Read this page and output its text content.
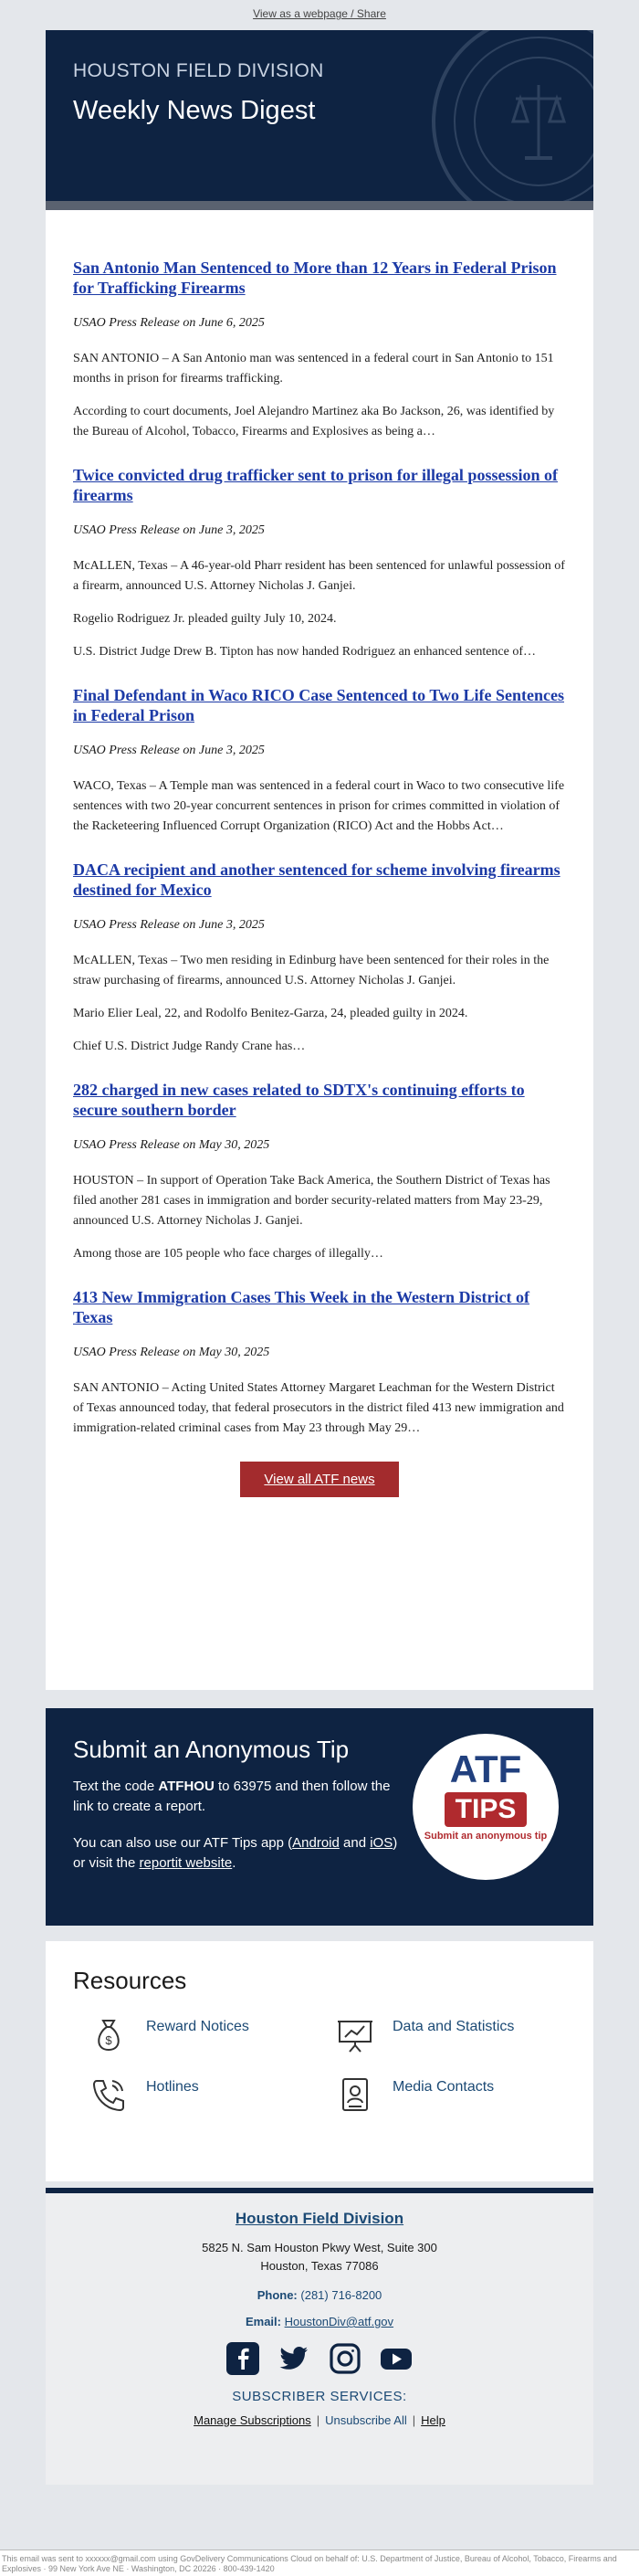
View as a webpage / Share
HOUSTON FIELD DIVISION
Weekly News Digest
San Antonio Man Sentenced to More than 12 Years in Federal Prison for Trafficking Firearms
USAO Press Release on June 6, 2025

SAN ANTONIO – A San Antonio man was sentenced in a federal court in San Antonio to 151 months in prison for firearms trafficking.

According to court documents, Joel Alejandro Martinez aka Bo Jackson, 26, was identified by the Bureau of Alcohol, Tobacco, Firearms and Explosives as being a…

Twice convicted drug trafficker sent to prison for illegal possession of firearms
USAO Press Release on June 3, 2025

McALLEN, Texas – A 46-year-old Pharr resident has been sentenced for unlawful possession of a firearm, announced U.S. Attorney Nicholas J. Ganjei.

Rogelio Rodriguez Jr. pleaded guilty July 10, 2024.

U.S. District Judge Drew B. Tipton has now handed Rodriguez an enhanced sentence of…

Final Defendant in Waco RICO Case Sentenced to Two Life Sentences in Federal Prison
USAO Press Release on June 3, 2025

WACO, Texas – A Temple man was sentenced in a federal court in Waco to two consecutive life sentences with two 20-year concurrent sentences in prison for crimes committed in violation of the Racketeering Influenced Corrupt Organization (RICO) Act and the Hobbs Act…

DACA recipient and another sentenced for scheme involving firearms destined for Mexico
USAO Press Release on June 3, 2025

McALLEN, Texas – Two men residing in Edinburg have been sentenced for their roles in the straw purchasing of firearms, announced U.S. Attorney Nicholas J. Ganjei.

Mario Elier Leal, 22, and Rodolfo Benitez-Garza, 24, pleaded guilty in 2024.

Chief U.S. District Judge Randy Crane has…

282 charged in new cases related to SDTX's continuing efforts to secure southern border
USAO Press Release on May 30, 2025

HOUSTON – In support of Operation Take Back America, the Southern District of Texas has filed another 281 cases in immigration and border security-related matters from May 23-29, announced U.S. Attorney Nicholas J. Ganjei.

Among those are 105 people who face charges of illegally…

413 New Immigration Cases This Week in the Western District of Texas
USAO Press Release on May 30, 2025

SAN ANTONIO – Acting United States Attorney Margaret Leachman for the Western District of Texas announced today, that federal prosecutors in the district filed 413 new immigration and immigration-related criminal cases from May 23 through May 29…

View all ATF news
Submit an Anonymous Tip

Text the code ATFHOU to 63975 and then follow the link to create a report.

You can also use our ATF Tips app (Android and iOS) or visit the reportit website.

ATF
TIPS
Submit an anonymous tip
Resources
$
Reward Notices	Data and Statistics
Hotlines	Media Contacts
Houston Field Division
5825 N. Sam Houston Pkwy West, Suite 300
Houston, Texas 77086
Phone: (281) 716-8200
Email: HoustonDiv@atf.gov
SUBSCRIBER SERVICES:
Manage Subscriptions | Unsubscribe All | Help
This email was sent to xxxxxx@gmail.com using GovDelivery Communications Cloud on behalf of: U.S. Department of Justice, Bureau of Alcohol, Tobacco, Firearms and Explosives · 99 New York Ave NE · Washington, DC 20226 · 800-439-1420
